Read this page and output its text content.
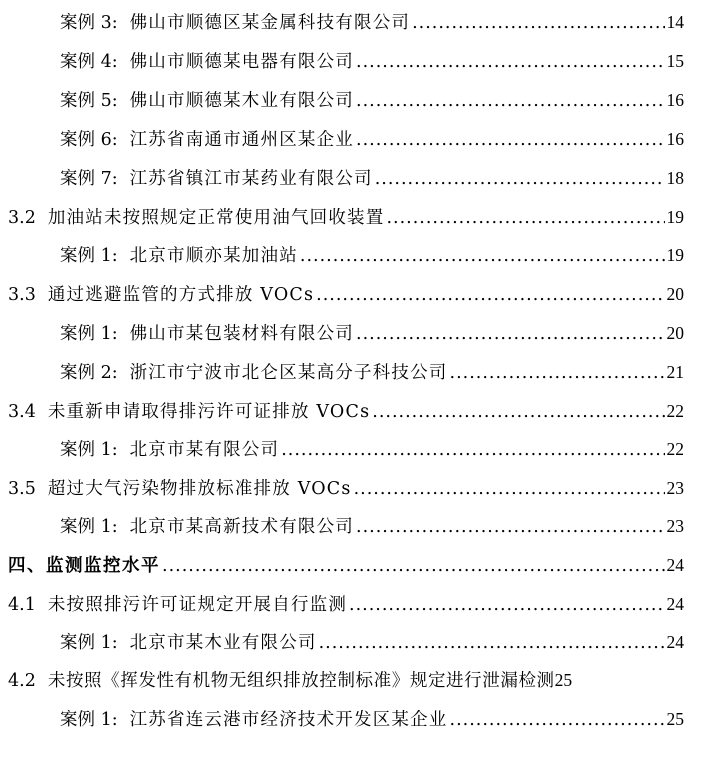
案例 3: 佛山市顺德区某金属科技有限公司 .....	14
案例 4: 佛山市顺德某电器有限公司 .....	15
案例 5: 佛山市顺德某木业有限公司 .....	16
案例 6: 江苏省南通市通州区某企业 .....	16
案例 7: 江苏省镇江市某药业有限公司 .....	18
3.2 加油站未按照规定正常使用油气回收装置 .....	19
案例 1: 北京市顺亦某加油站 .....	19
3.3 通过逃避监管的方式排放 VOCs .....	20
案例 1: 佛山市某包装材料有限公司 .....	20
案例 2: 浙江市宁波市北仑区某高分子科技公司 .....	21
3.4 未重新申请取得排污许可证排放 VOCs .....	22
案例 1: 北京市某有限公司 .....	22
3.5 超过大气污染物排放标准排放 VOCs .....	23
案例 1: 北京市某高新技术有限公司 .....	23
四、监测监控水平 .....	24
4.1 未按照排污许可证规定开展自行监测 .....	24
案例 1: 北京市某木业有限公司 .....	24
4.2 未按照《挥发性有机物无组织排放控制标准》规定进行泄漏检测 25
案例 1: 江苏省连云港市经济技术开发区某企业 .....	25
